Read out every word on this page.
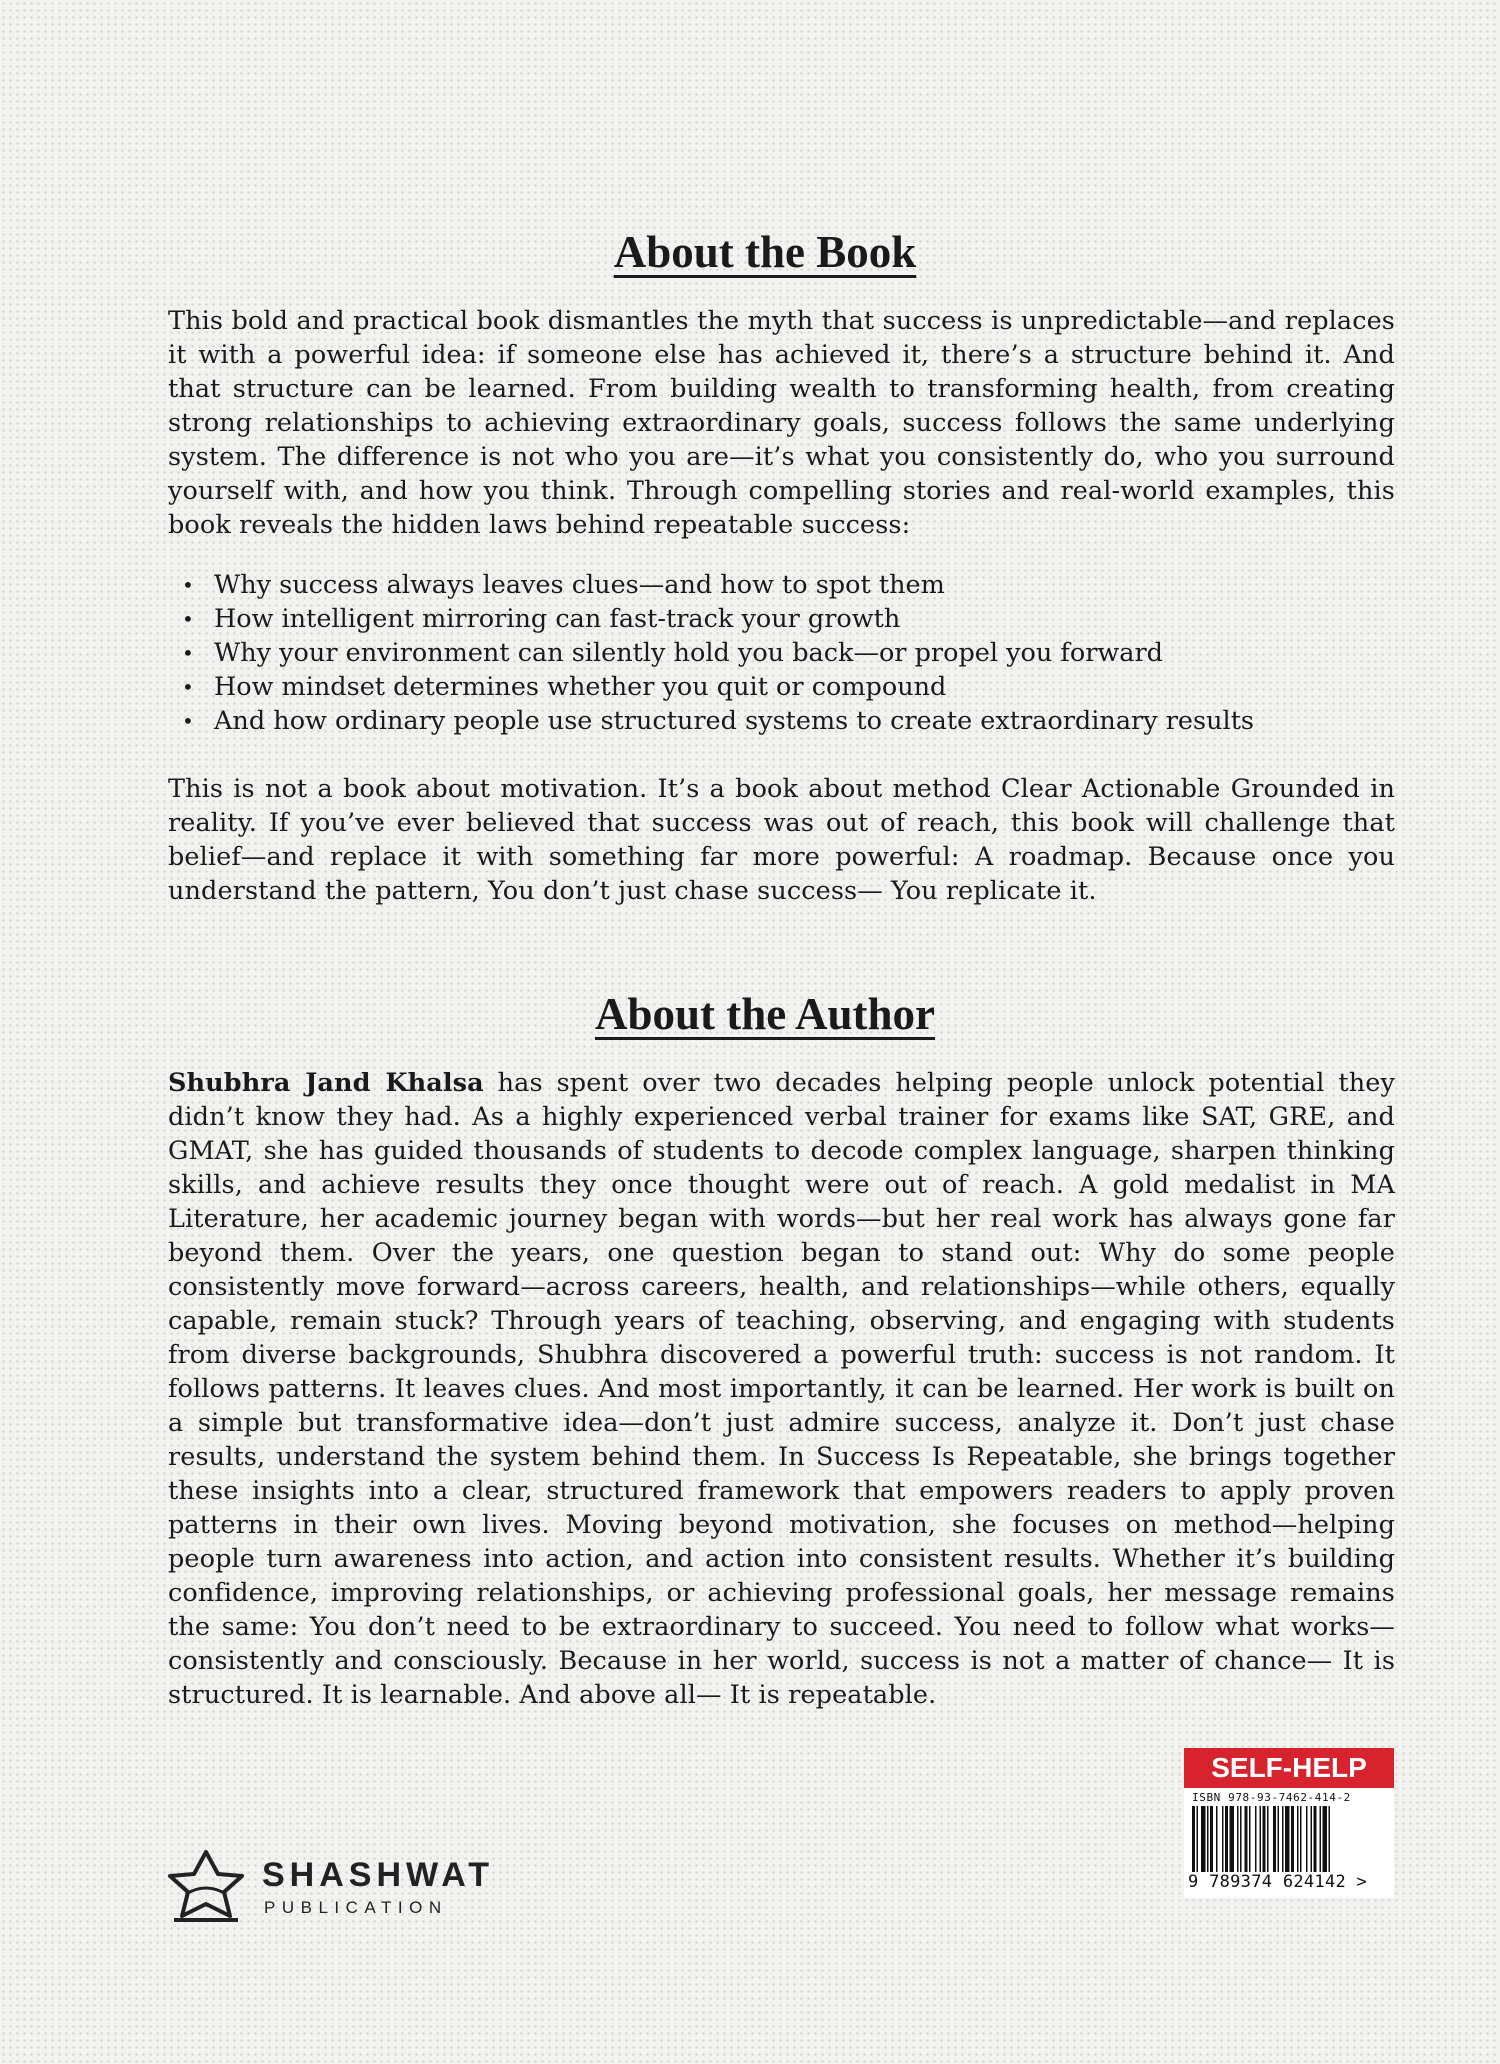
About the Book

This bold and practical book dismantles the myth that success is unpredictable—and replaces it with a powerful idea: if someone else has achieved it, there’s a structure behind it. And that structure can be learned. From building wealth to transforming health, from creating strong relationships to achieving extraordinary goals, success follows the same underlying system. The difference is not who you are—it’s what you consistently do, who you surround yourself with, and how you think. Through compelling stories and real-world examples, this book reveals the hidden laws behind repeatable success:

• Why success always leaves clues—and how to spot them
• How intelligent mirroring can fast-track your growth
• Why your environment can silently hold you back—or propel you forward
• How mindset determines whether you quit or compound
• And how ordinary people use structured systems to create extraordinary results

This is not a book about motivation. It’s a book about method Clear Actionable Grounded in reality. If you’ve ever believed that success was out of reach, this book will challenge that belief—and replace it with something far more powerful: A roadmap. Because once you understand the pattern, You don’t just chase success— You replicate it.

About the Author

Shubhra Jand Khalsa has spent over two decades helping people unlock potential they didn’t know they had. As a highly experienced verbal trainer for exams like SAT, GRE, and GMAT, she has guided thousands of students to decode complex language, sharpen thinking skills, and achieve results they once thought were out of reach. A gold medalist in MA Literature, her academic journey began with words—but her real work has always gone far beyond them. Over the years, one question began to stand out: Why do some people consistently move forward—across careers, health, and relationships—while others, equally capable, remain stuck? Through years of teaching, observing, and engaging with students from diverse backgrounds, Shubhra discovered a powerful truth: success is not random. It follows patterns. It leaves clues. And most importantly, it can be learned. Her work is built on a simple but transformative idea—don’t just admire success, analyze it. Don’t just chase results, understand the system behind them. In Success Is Repeatable, she brings together these insights into a clear, structured framework that empowers readers to apply proven patterns in their own lives. Moving beyond motivation, she focuses on method—helping people turn awareness into action, and action into consistent results. Whether it’s building confidence, improving relationships, or achieving professional goals, her message remains the same: You don’t need to be extraordinary to succeed. You need to follow what works—consistently and consciously. Because in her world, success is not a matter of chance— It is structured. It is learnable. And above all— It is repeatable.

SHASHWAT
PUBLICATION
SELF-HELP
ISBN 978-93-7462-414-2
9 789374 624142 >
